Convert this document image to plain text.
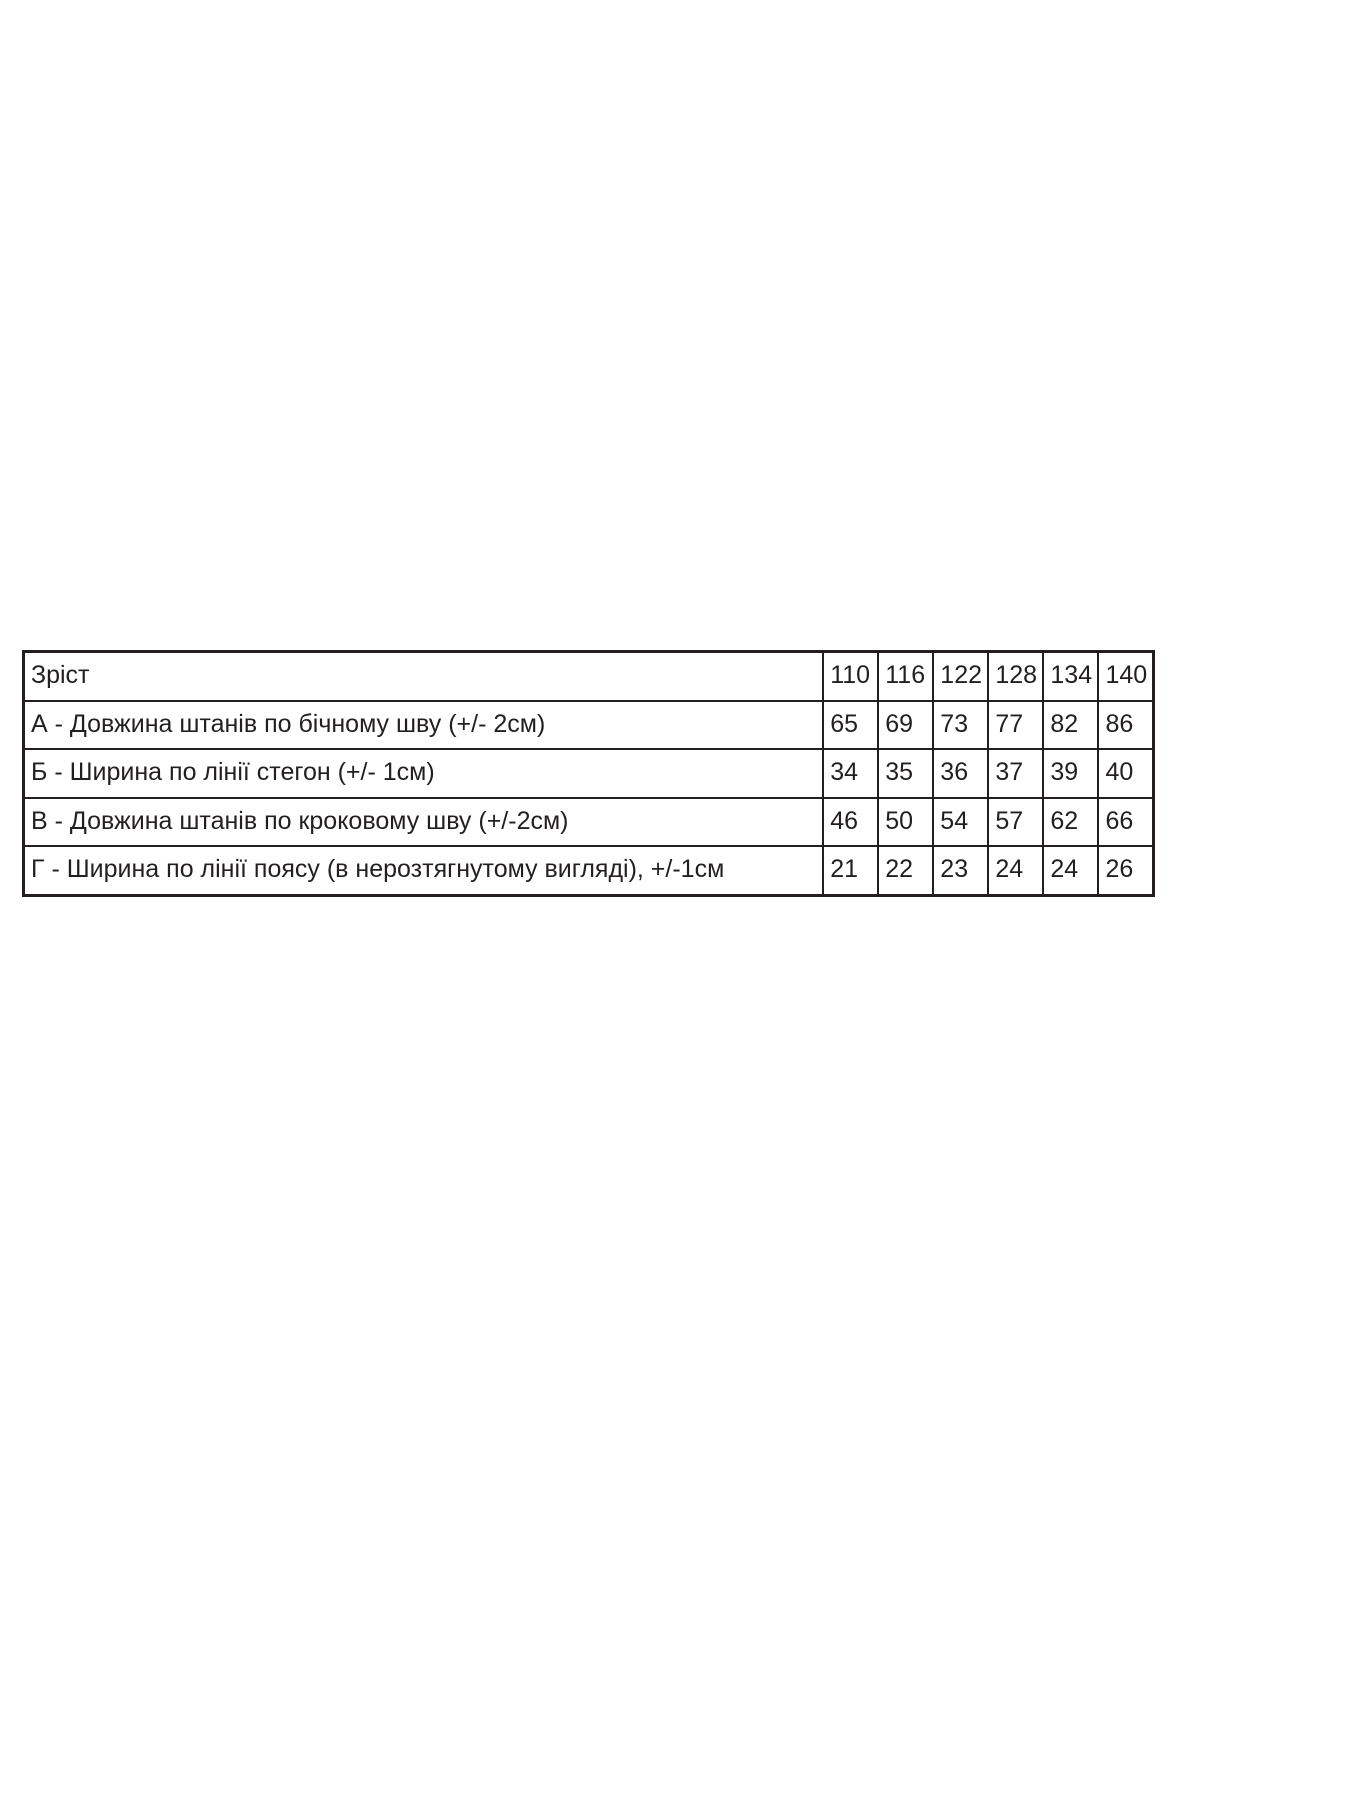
Зріст	110	116	122	128	134	140
А - Довжина штанів по бічному шву (+/- 2см)	65	69	73	77	82	86
Б - Ширина по лінії стегон (+/- 1см)	34	35	36	37	39	40
В - Довжина штанів по кроковому шву (+/-2см)	46	50	54	57	62	66
Г - Ширина по лінії поясу (в нерозтягнутому вигляді), +/-1см	21	22	23	24	24	26
